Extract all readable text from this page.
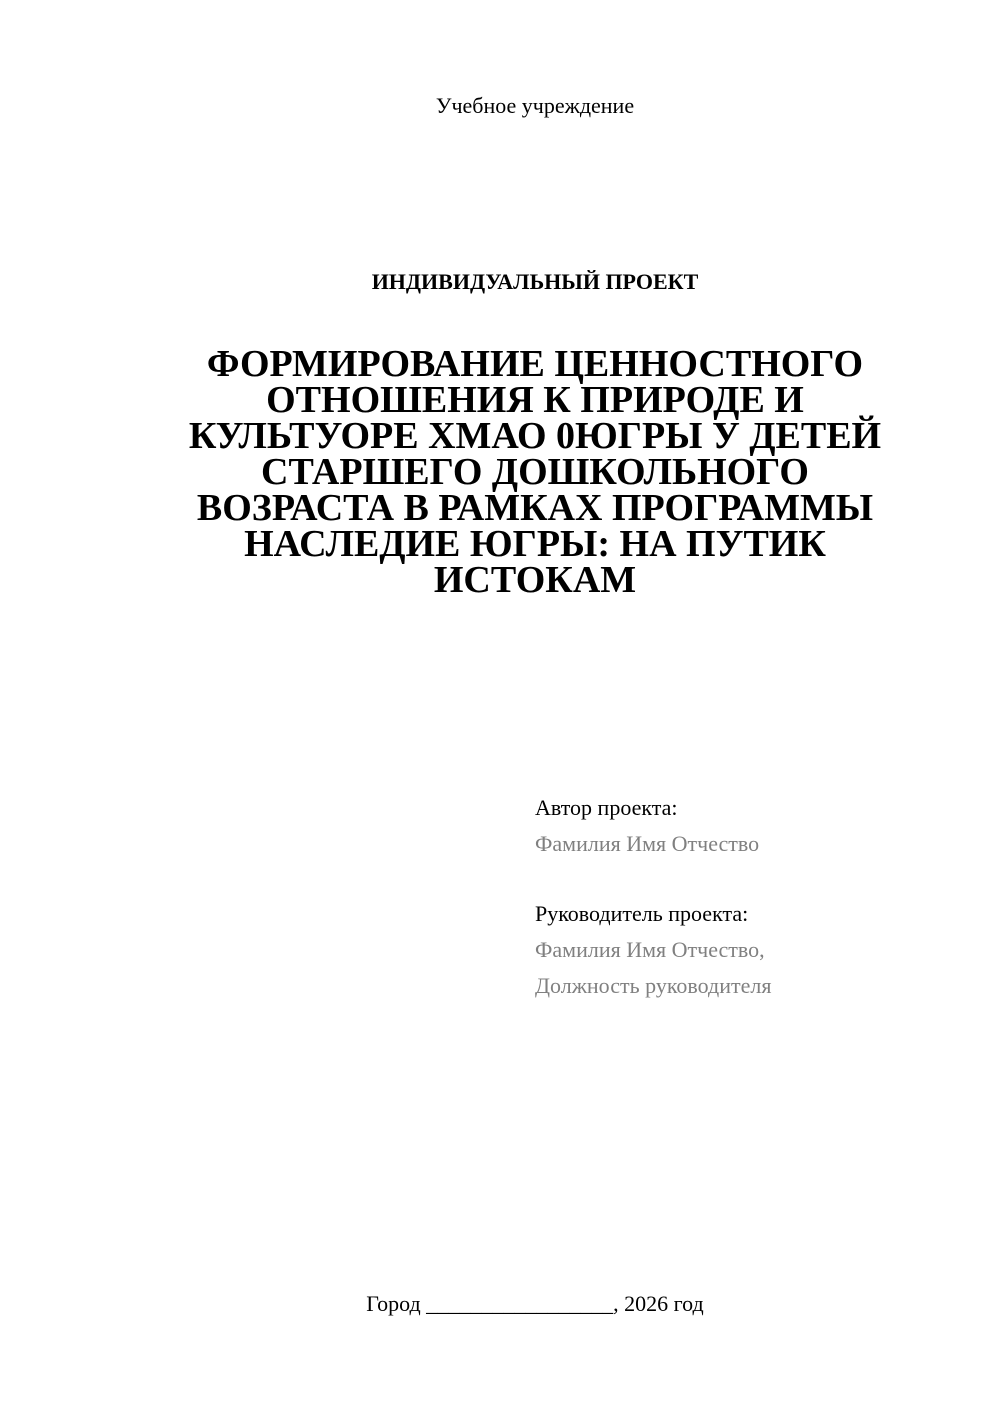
Учебное учреждение
ИНДИВИДУАЛЬНЫЙ ПРОЕКТ
ФОРМИРОВАНИЕ ЦЕННОСТНОГО
ОТНОШЕНИЯ К ПРИРОДЕ И
КУЛЬТУОРЕ ХМАО 0ЮГРЫ У ДЕТЕЙ
СТАРШЕГО ДОШКОЛЬНОГО
ВОЗРАСТА В РАМКАХ ПРОГРАММЫ
НАСЛЕДИЕ ЮГРЫ: НА ПУТИК
ИСТОКАМ
Автор проекта:
Фамилия Имя Отчество
Руководитель проекта:
Фамилия Имя Отчество,
Должность руководителя
Город _________________, 2026 год
